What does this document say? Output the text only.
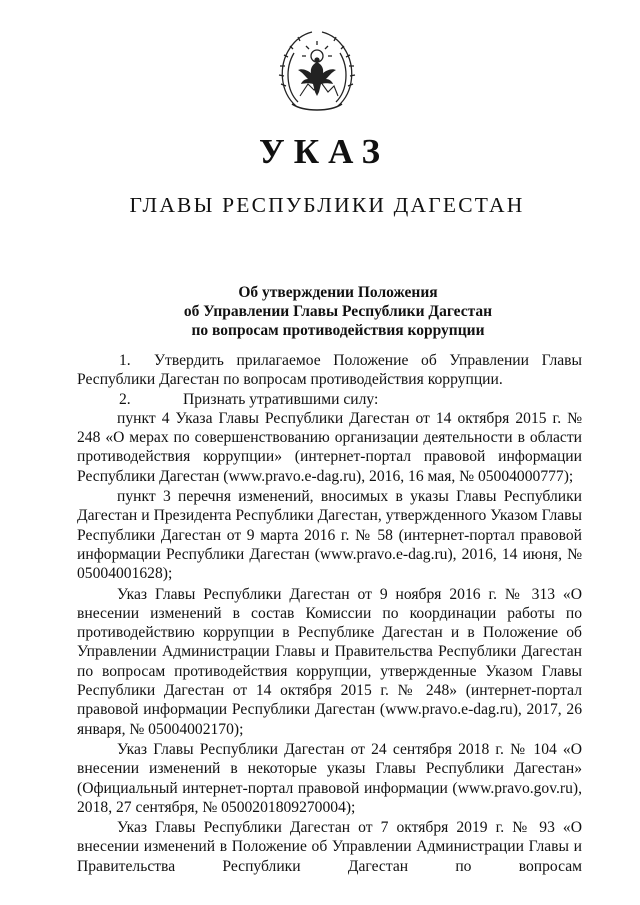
УКАЗ
ГЛАВЫ РЕСПУБЛИКИ ДАГЕСТАН
Об утверждении Положения
об Управлении Главы Республики Дагестан
по вопросам противодействия коррупции

1. Утвердить прилагаемое Положение об Управлении Главы Республики Дагестан по вопросам противодействия коррупции.

2.	Признать утратившими силу:

пункт 4 Указа Главы Республики Дагестан от 14 октября 2015 г. № 248 «О мерах по совершенствованию организации деятельности в области противодействия коррупции» (интернет-портал правовой информации Республики Дагестан (www.pravo.e-dag.ru), 2016, 16 мая, № 05004000777);

пункт 3 перечня изменений, вносимых в указы Главы Республики Дагестан и Президента Республики Дагестан, утвержденного Указом Главы Республики Дагестан от 9 марта 2016 г. № 58 (интернет-портал правовой информации Республики Дагестан (www.pravo.e-dag.ru), 2016, 14 июня, № 05004001628);

Указ Главы Республики Дагестан от 9 ноября 2016 г. № 313 «О внесении изменений в состав Комиссии по координации работы по противодействию коррупции в Республике Дагестан и в Положение об Управлении Администрации Главы и Правительства Республики Дагестан по вопросам противодействия коррупции, утвержденные Указом Главы Республики Дагестан от 14 октября 2015 г. № 248» (интернет-портал правовой информации Республики Дагестан (www.pravo.e-dag.ru), 2017, 26 января, № 05004002170);

Указ Главы Республики Дагестан от 24 сентября 2018 г. № 104 «О внесении изменений в некоторые указы Главы Республики Дагестан» (Официальный интернет-портал правовой информации (www.pravo.gov.ru), 2018, 27 сентября, № 0500201809270004);

Указ Главы Республики Дагестан от 7 октября 2019 г. № 93 «О внесении изменений в Положение об Управлении Администрации Главы и Правительства Республики Дагестан по вопросам
